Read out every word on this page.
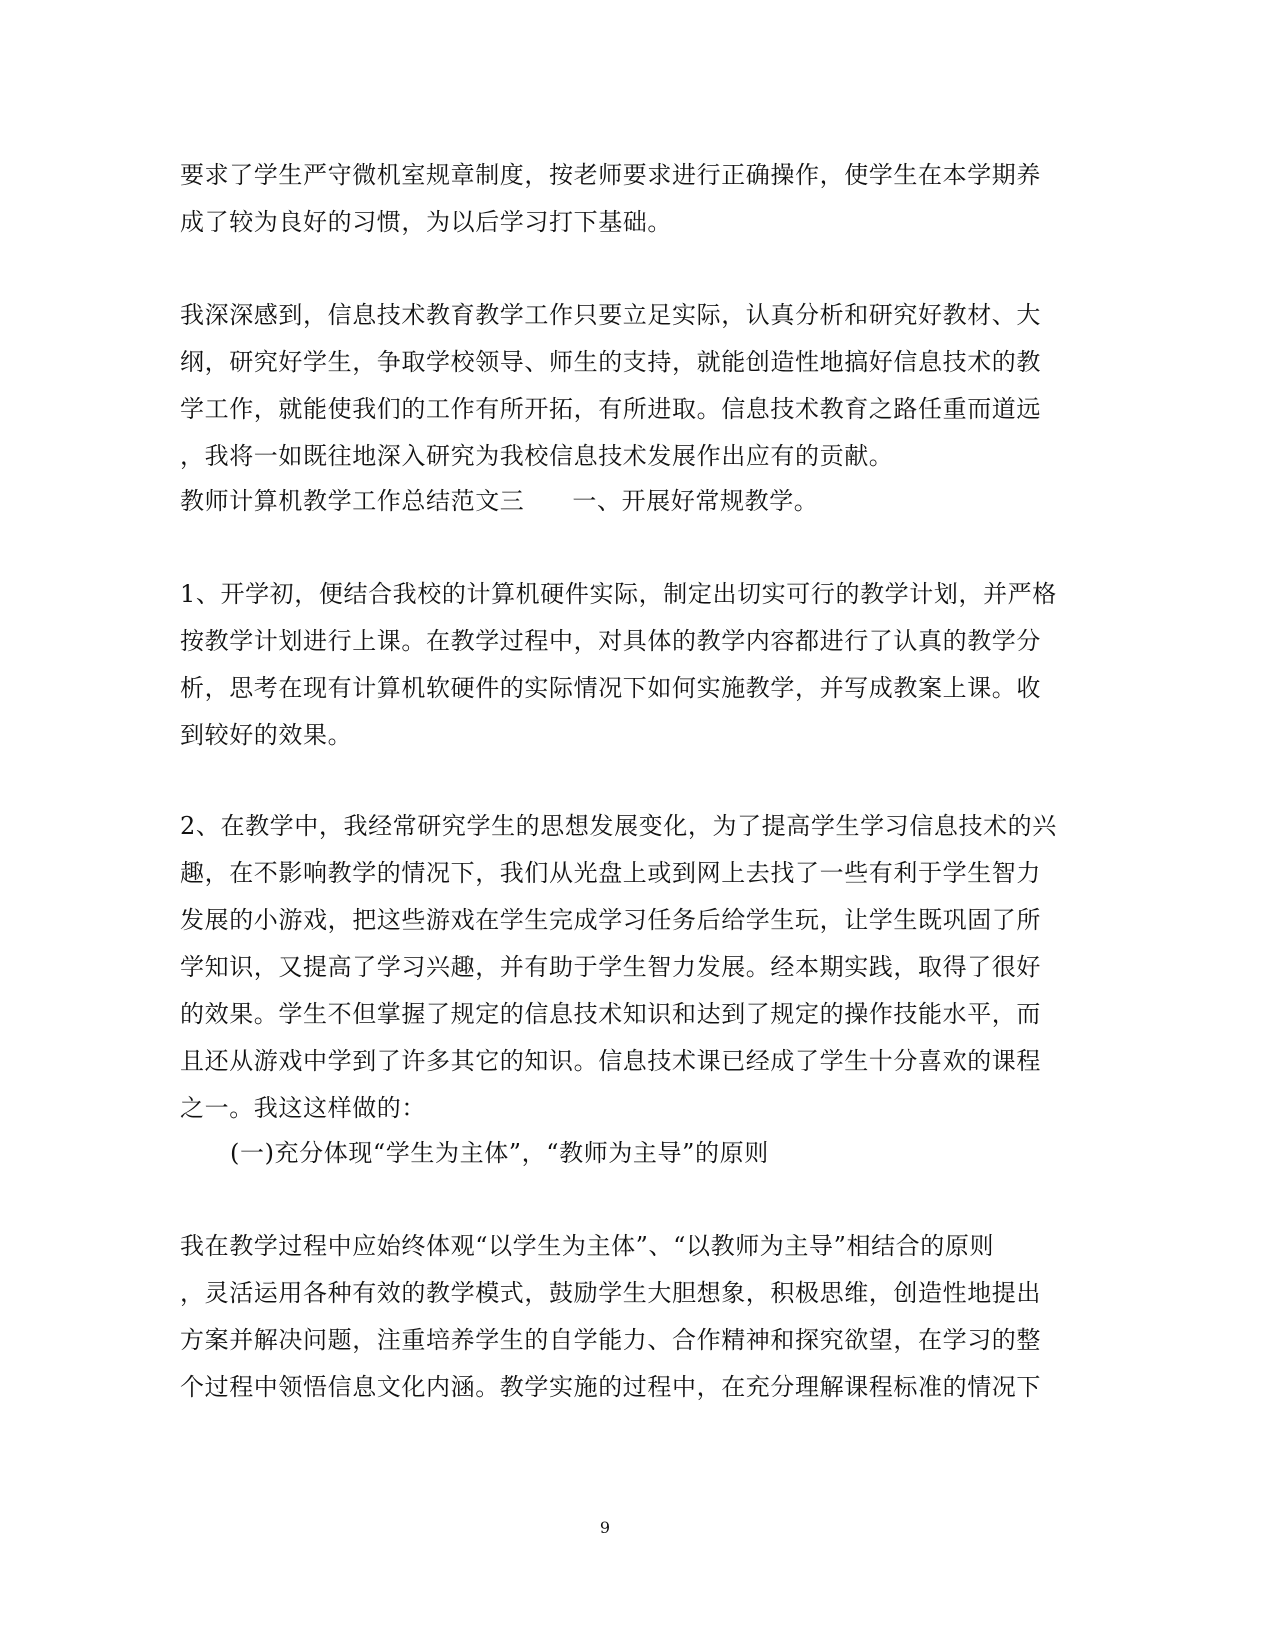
要求了学生严守微机室规章制度，按老师要求进行正确操作，使学生在本学期养
成了较为良好的习惯，为以后学习打下基础。
我深深感到，信息技术教育教学工作只要立足实际，认真分析和研究好教材、大
纲，研究好学生，争取学校领导、师生的支持，就能创造性地搞好信息技术的教
学工作，就能使我们的工作有所开拓，有所进取。信息技术教育之路任重而道远
，我将一如既往地深入研究为我校信息技术发展作出应有的贡献。
教师计算机教学工作总结范文三 一、开展好常规教学。
1、开学初，便结合我校的计算机硬件实际，制定出切实可行的教学计划，并严格
按教学计划进行上课。在教学过程中，对具体的教学内容都进行了认真的教学分
析，思考在现有计算机软硬件的实际情况下如何实施教学，并写成教案上课。收
到较好的效果。
2、在教学中，我经常研究学生的思想发展变化，为了提高学生学习信息技术的兴
趣，在不影响教学的情况下，我们从光盘上或到网上去找了一些有利于学生智力
发展的小游戏，把这些游戏在学生完成学习任务后给学生玩，让学生既巩固了所
学知识，又提高了学习兴趣，并有助于学生智力发展。经本期实践，取得了很好
的效果。学生不但掌握了规定的信息技术知识和达到了规定的操作技能水平，而
且还从游戏中学到了许多其它的知识。信息技术课已经成了学生十分喜欢的课程
之一。我这这样做的：
(一)充分体现“学生为主体”，“教师为主导”的原则
我在教学过程中应始终体观“以学生为主体”、“以教师为主导”相结合的原则
，灵活运用各种有效的教学模式，鼓励学生大胆想象，积极思维，创造性地提出
方案并解决问题，注重培养学生的自学能力、合作精神和探究欲望，在学习的整
个过程中领悟信息文化内涵。教学实施的过程中，在充分理解课程标准的情况下
9
